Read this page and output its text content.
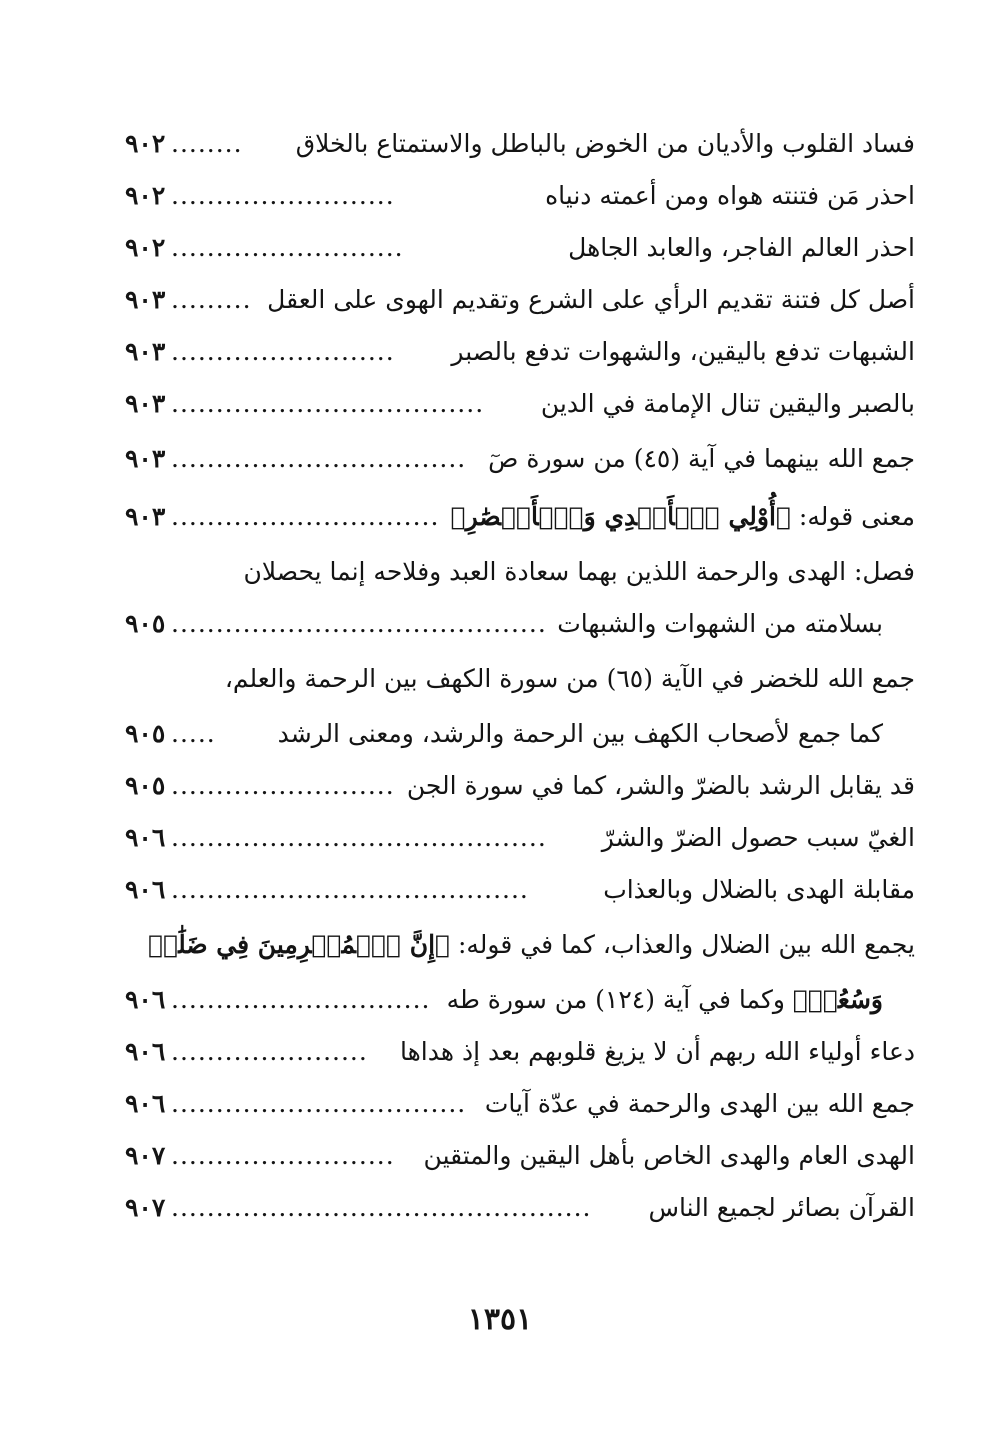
فساد القلوب والأديان من الخوض بالباطل والاستمتاع بالخلاق
........
٩٠٢
احذر مَن فتنته هواه ومن أعمته دنياه
.........................
٩٠٢
احذر العالم الفاجر، والعابد الجاهل
..........................
٩٠٢
أصل كل فتنة تقديم الرأي على الشرع وتقديم الهوى على العقل
.........
٩٠٣
الشبهات تدفع باليقين، والشهوات تدفع بالصبر
.........................
٩٠٣
بالصبر واليقين تنال الإمامة في الدين
...................................
٩٠٣
جمع الله بينهما في آية (٤٥) من سورة صٓ
.................................
٩٠٣
معنى قوله: ﴿أُوْلِي ٱلۡأَيۡدِي وَٱلۡأَبۡصَٰرِ﴾
..............................
٩٠٣
فصل: الهدى والرحمة اللذين بهما سعادة العبد وفلاحه إنما يحصلان
بسلامته من الشهوات والشبهات
..........................................
٩٠٥
جمع الله للخضر في الآية (٦٥) من سورة الكهف بين الرحمة والعلم،
كما جمع لأصحاب الكهف بين الرحمة والرشد، ومعنى الرشد
.....
٩٠٥
قد يقابل الرشد بالضرّ والشر، كما في سورة الجن
.........................
٩٠٥
الغيّ سبب حصول الضرّ والشرّ
..........................................
٩٠٦
مقابلة الهدى بالضلال وبالعذاب
........................................
٩٠٦
يجمع الله بين الضلال والعذاب، كما في قوله: ﴿إِنَّ ٱلۡمُجۡرِمِينَ فِي ضَلَٰلٖ
وَسُعُرٖ﴾ وكما في آية (١٢٤) من سورة طه
.............................
٩٠٦
دعاء أولياء الله ربهم أن لا يزيغ قلوبهم بعد إذ هداها
......................
٩٠٦
جمع الله بين الهدى والرحمة في عدّة آيات
.................................
٩٠٦
الهدى العام والهدى الخاص بأهل اليقين والمتقين
.........................
٩٠٧
القرآن بصائر لجميع الناس
...............................................
٩٠٧
١٣٥١
